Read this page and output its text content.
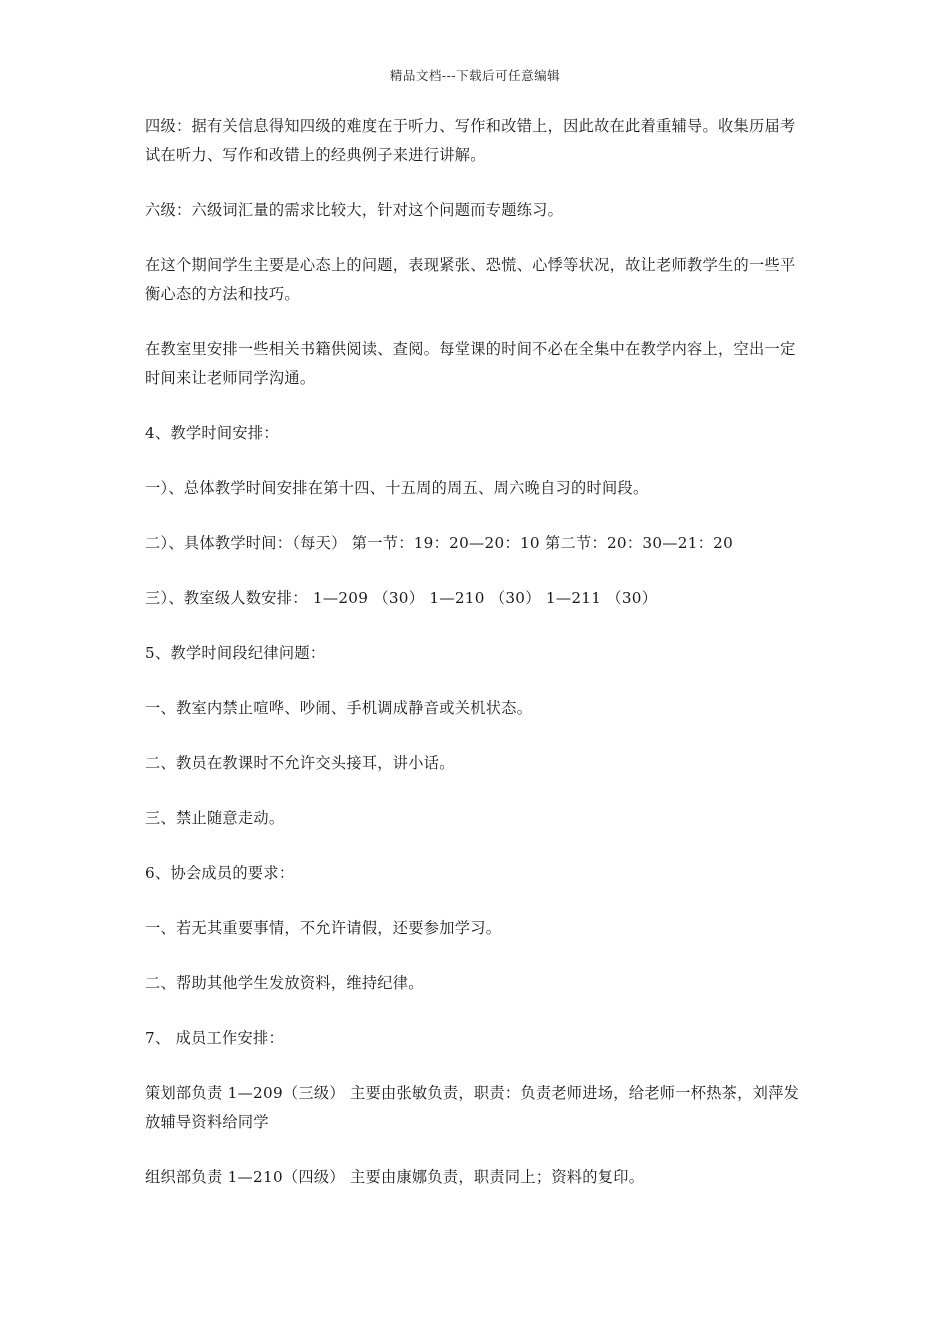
精品文档---下载后可任意编辑

四级：据有关信息得知四级的难度在于听力、写作和改错上，因此故在此着重辅导。收集历届考试在听力、写作和改错上的经典例子来进行讲解。

六级：六级词汇量的需求比较大，针对这个问题而专题练习。

在这个期间学生主要是心态上的问题，表现紧张、恐慌、心悸等状况，故让老师教学生的一些平衡心态的方法和技巧。

在教室里安排一些相关书籍供阅读、查阅。每堂课的时间不必在全集中在教学内容上，空出一定时间来让老师同学沟通。

4、教学时间安排：

一）、总体教学时间安排在第十四、十五周的周五、周六晚自习的时间段。

二）、具体教学时间：（每天） 第一节：19：20—20：10 第二节：20：30—21：20

三）、教室级人数安排： 1—209 （30） 1—210 （30） 1—211 （30）

5、教学时间段纪律问题：

一、教室内禁止喧哗、吵闹、手机调成静音或关机状态。

二、教员在教课时不允许交头接耳，讲小话。

三、禁止随意走动。

6、协会成员的要求：

一、若无其重要事情，不允许请假，还要参加学习。

二、帮助其他学生发放资料，维持纪律。

7、 成员工作安排：

策划部负责 1—209（三级） 主要由张敏负责，职责：负责老师进场，给老师一杯热茶，刘萍发放辅导资料给同学

组织部负责 1—210（四级） 主要由康娜负责，职责同上；资料的复印。
